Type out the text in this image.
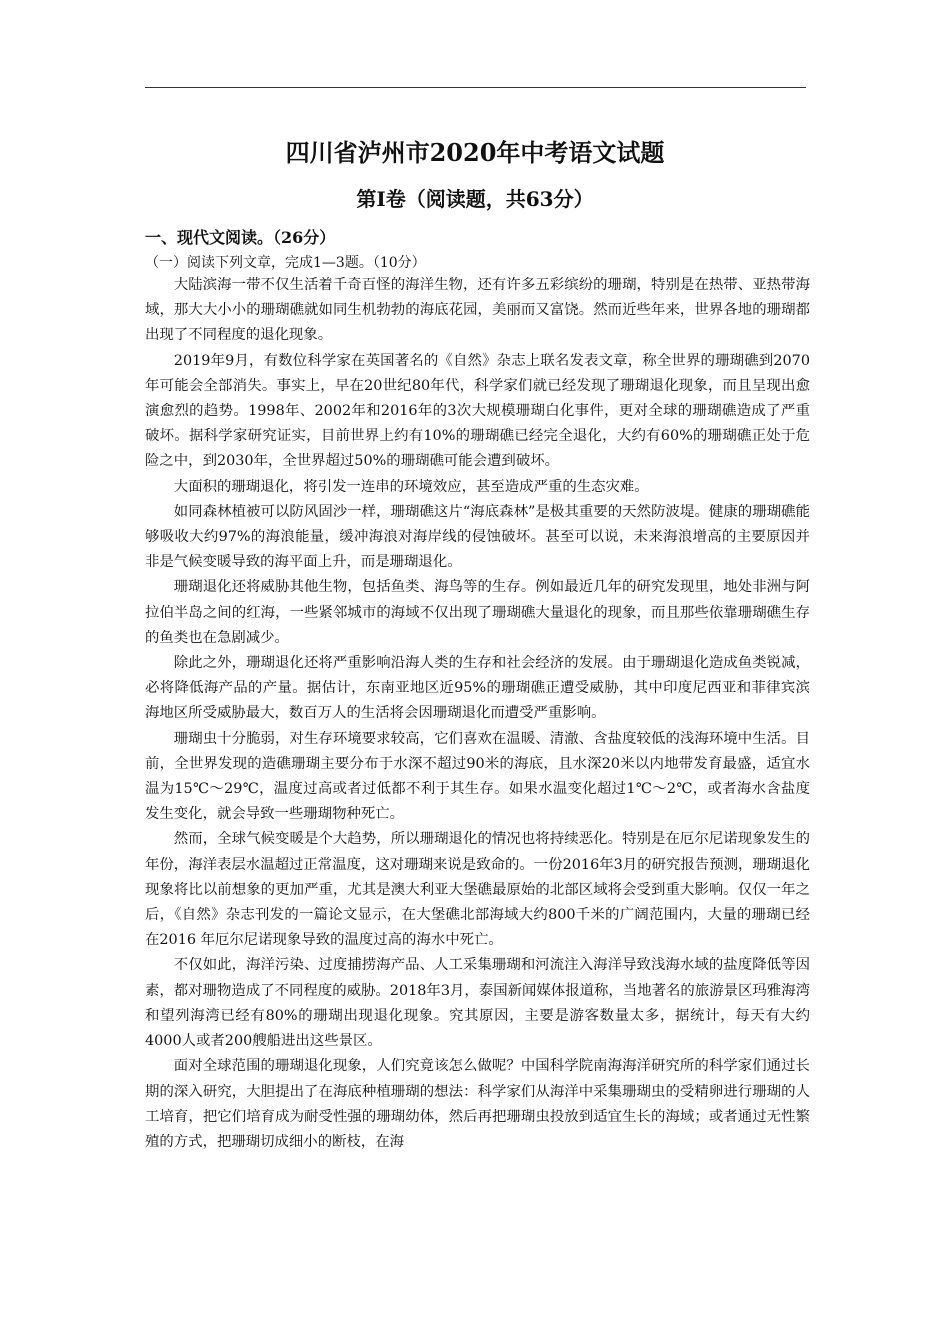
四川省泸州市2020年中考语文试题
第Ⅰ卷（阅读题，共63分）
一、现代文阅读。（26分）
（一）阅读下列文章，完成1—3题。（10分）

大陆滨海一带不仅生活着千奇百怪的海洋生物，还有许多五彩缤纷的珊瑚，特别是在热带、亚热带海域，那大大小小的珊瑚礁就如同生机勃勃的海底花园，美丽而又富饶。然而近些年来，世界各地的珊瑚都出现了不同程度的退化现象。

2019年9月，有数位科学家在英国著名的《自然》杂志上联名发表文章，称全世界的珊瑚礁到2070年可能会全部消失。事实上，早在20世纪80年代，科学家们就已经发现了珊瑚退化现象，而且呈现出愈演愈烈的趋势。1998年、2002年和2016年的3次大规模珊瑚白化事件，更对全球的珊瑚礁造成了严重破坏。据科学家研究证实，目前世界上约有10%的珊瑚礁已经完全退化，大约有60%的珊瑚礁正处于危险之中，到2030年，全世界超过50%的珊瑚礁可能会遭到破坏。

大面积的珊瑚退化，将引发一连串的环境效应，甚至造成严重的生态灾难。

如同森林植被可以防风固沙一样，珊瑚礁这片“海底森林”是极其重要的天然防波堤。健康的珊瑚礁能够吸收大约97%的海浪能量，缓冲海浪对海岸线的侵蚀破坏。甚至可以说，未来海浪增高的主要原因并非是气候变暖导致的海平面上升，而是珊瑚退化。

珊瑚退化还将威胁其他生物，包括鱼类、海鸟等的生存。例如最近几年的研究发现里，地处非洲与阿拉伯半岛之间的红海，一些紧邻城市的海域不仅出现了珊瑚礁大量退化的现象，而且那些依靠珊瑚礁生存的鱼类也在急剧减少。

除此之外，珊瑚退化还将严重影响沿海人类的生存和社会经济的发展。由于珊瑚退化造成鱼类锐减，必将降低海产品的产量。据估计，东南亚地区近95%的珊瑚礁正遭受威胁，其中印度尼西亚和菲律宾滨海地区所受威胁最大，数百万人的生活将会因珊瑚退化而遭受严重影响。

珊瑚虫十分脆弱，对生存环境要求较高，它们喜欢在温暖、清澈、含盐度较低的浅海环境中生活。目前，全世界发现的造礁珊瑚主要分布于水深不超过90米的海底，且水深20米以内地带发育最盛，适宜水温为15℃～29℃，温度过高或者过低都不利于其生存。如果水温变化超过1℃～2℃，或者海水含盐度发生变化，就会导致一些珊瑚物种死亡。

然而，全球气候变暖是个大趋势，所以珊瑚退化的情况也将持续恶化。特别是在厄尔尼诺现象发生的年份，海洋表层水温超过正常温度，这对珊瑚来说是致命的。一份2016年3月的研究报告预测，珊瑚退化现象将比以前想象的更加严重，尤其是澳大利亚大堡礁最原始的北部区域将会受到重大影响。仅仅一年之后，《自然》杂志刊发的一篇论文显示，在大堡礁北部海域大约800千米的广阔范围内，大量的珊瑚已经在2016 年厄尔尼诺现象导致的温度过高的海水中死亡。

不仅如此，海洋污染、过度捕捞海产品、人工采集珊瑚和河流注入海洋导致浅海水域的盐度降低等因素，都对珊物造成了不同程度的威胁。2018年3月，泰国新闻媒体报道称，当地著名的旅游景区玛雅海湾和望列海湾已经有80%的珊瑚出现退化现象。究其原因，主要是游客数量太多，据统计，每天有大约4000人或者200艘船进出这些景区。

面对全球范围的珊瑚退化现象，人们究竟该怎么做呢？中国科学院南海海洋研究所的科学家们通过长期的深入研究，大胆提出了在海底种植珊瑚的想法：科学家们从海洋中采集珊瑚虫的受精卵进行珊瑚的人工培育，把它们培育成为耐受性强的珊瑚幼体，然后再把珊瑚虫投放到适宜生长的海域；或者通过无性繁殖的方式，把珊瑚切成细小的断枝，在海
